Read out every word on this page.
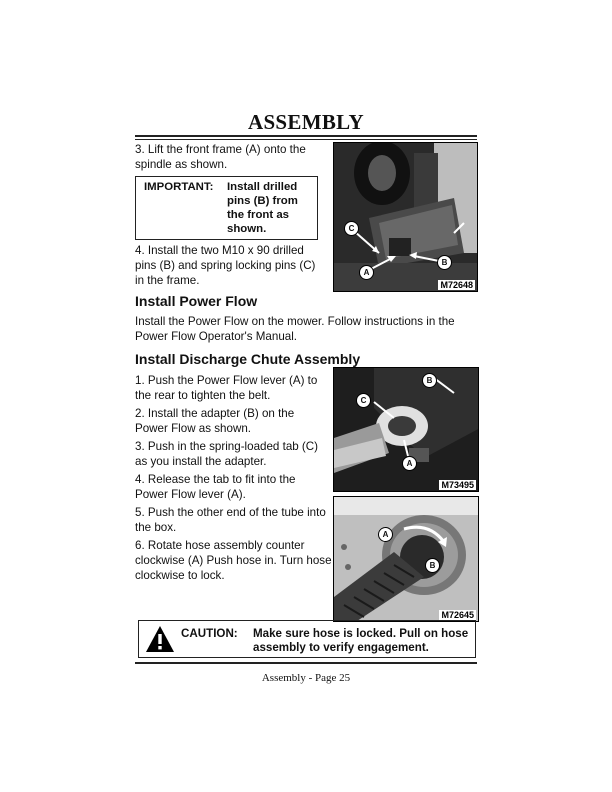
ASSEMBLY
3. Lift the front frame (A) onto the spindle as shown.
IMPORTANT: Install drilled pins (B) from the front as shown.
4. Install the two M10 x 90 drilled pins (B) and spring locking pins (C) in the frame.
C
A
B
M72648
Install Power Flow
Install the Power Flow on the mower. Follow instructions in the Power Flow Operator's Manual.
Install Discharge Chute Assembly
1. Push the Power Flow lever (A) to the rear to tighten the belt.
2. Install the adapter (B) on the Power Flow as shown.
3. Push in the spring-loaded tab (C) as you install the adapter.
4. Release the tab to fit into the Power Flow lever (A).
5. Push the other end of the tube into the box.
6. Rotate hose assembly counter clockwise (A) Push hose in. Turn hose clockwise to lock.
B
C
A
M73495
A
B
M72645
CAUTION: Make sure hose is locked. Pull on hose assembly to verify engagement.
Assembly - Page 25
